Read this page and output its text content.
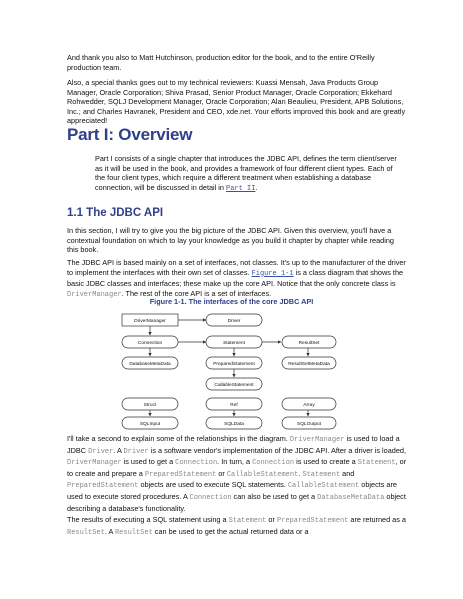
And thank you also to Matt Hutchinson, production editor for the book, and to the entire O'Reilly production team.

Also, a special thanks goes out to my technical reviewers: Kuassi Mensah, Java Products Group Manager, Oracle Corporation; Shiva Prasad, Senior Product Manager, Oracle Corporation; Ekkehard Rohwedder, SQLJ Development Manager, Oracle Corporation; Alan Beaulieu, President, APB Solutions, Inc.; and Charles Havranek, President and CEO, xde.net. Your efforts improved this book and are greatly appreciated!

Part I: Overview

Part I consists of a single chapter that introduces the JDBC API, defines the term client/server as it will be used in the book, and provides a framework of four different client types. Each of the four client types, which require a different treatment when establishing a database connection, will be discussed in detail in Part II.

1.1 The JDBC API

In this section, I will try to give you the big picture of the JDBC API. Given this overview, you'll have a contextual foundation on which to lay your knowledge as you build it chapter by chapter while reading this book.

The JDBC API is based mainly on a set of interfaces, not classes. It's up to the manufacturer of the driver to implement the interfaces with their own set of classes. Figure 1-1 is a class diagram that shows the basic JDBC classes and interfaces; these make up the core API. Notice that the only concrete class is DriverManager. The rest of the core API is a set of interfaces.

Figure 1-1. The interfaces of the core JDBC API

DriverManager	Driver
Connection	Statement	ResultSet
DatabaseMetaData	PreparedStatement	ResultSetMetaData
CallableStatement
Struct	Ref	Array
SQLInput	SQLData	SQLOutput

I'll take a second to explain some of the relationships in the diagram. DriverManager is used to load a JDBC Driver. A Driver is a software vendor's implementation of the JDBC API. After a driver is loaded, DriverManager is used to get a Connection. In turn, a Connection is used to create a Statement, or to create and prepare a PreparedStatement or CallableStatement. Statement and PreparedStatement objects are used to execute SQL statements. CallableStatement objects are used to execute stored procedures. A Connection can also be used to get a DatabaseMetaData object describing a database's functionality.

The results of executing a SQL statement using a Statement or PreparedStatement are returned as a ResultSet. A ResultSet can be used to get the actual returned data or a
